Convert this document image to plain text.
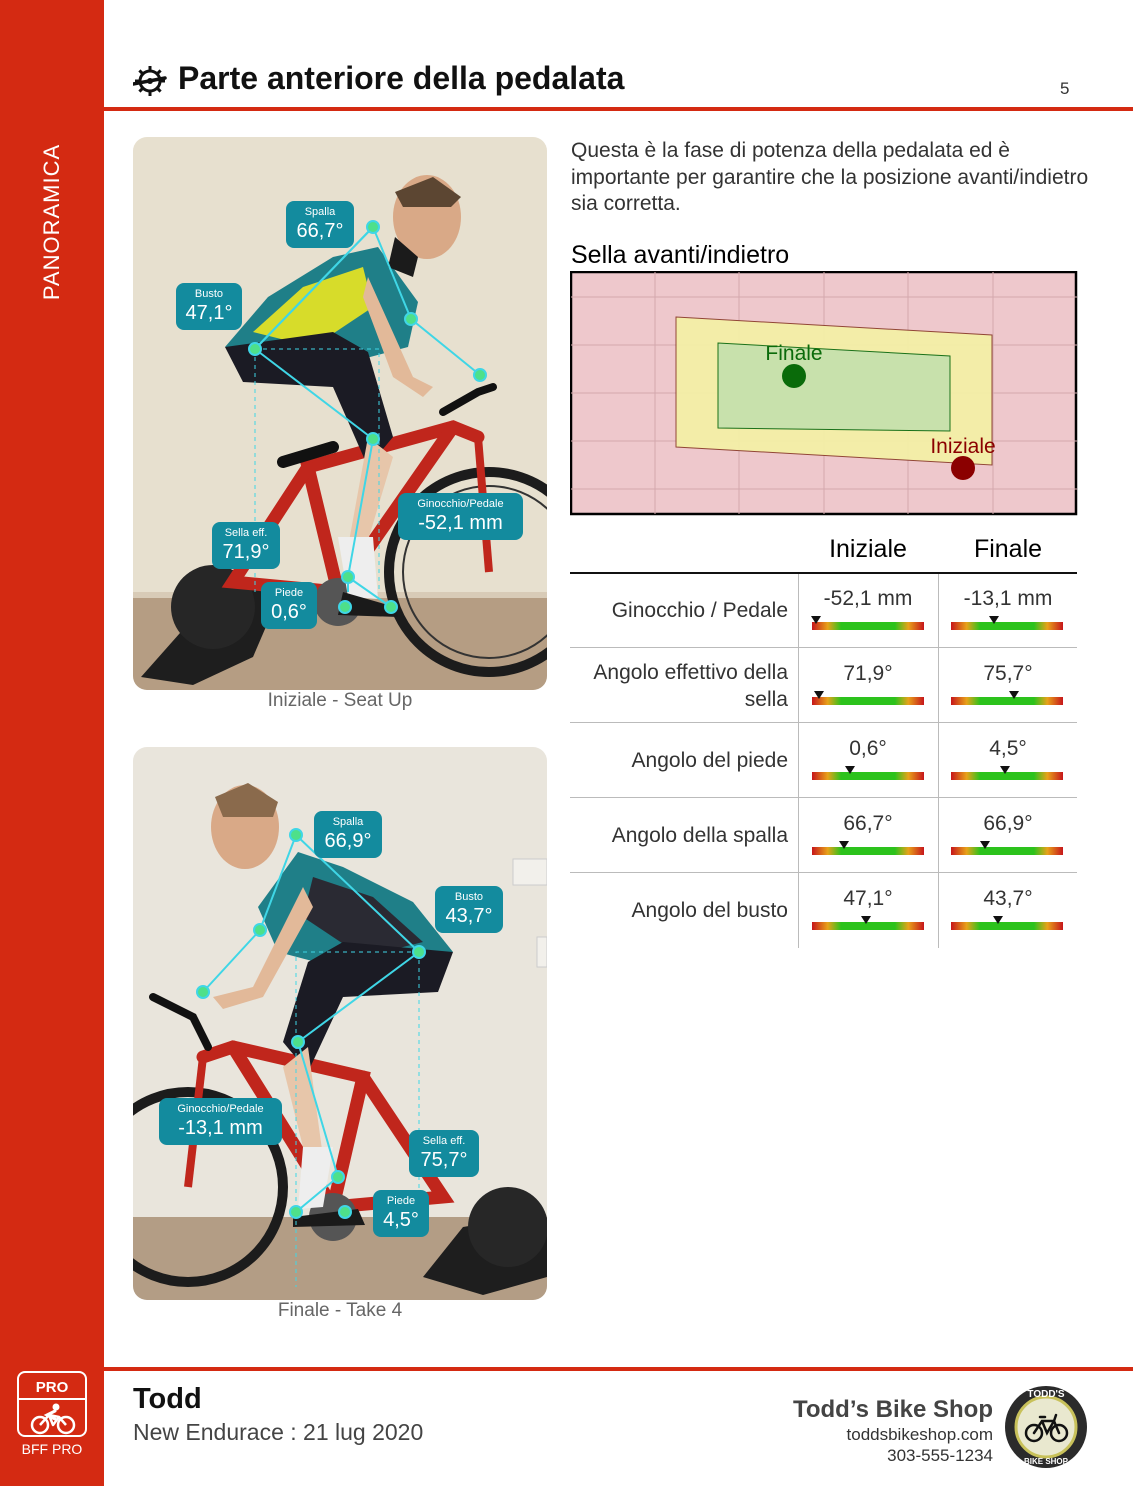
PANORAMICA
PRO
BFF PRO
Parte anteriore della pedalata	5
Spalla
66,7°
Busto
47,1°
Ginocchio/Pedale
-52,1 mm
Sella eff.
71,9°
Piede
0,6°
Iniziale - Seat Up
Spalla
66,9°
Busto
43,7°
Ginocchio/Pedale
-13,1 mm
Sella eff.
75,7°
Piede
4,5°
Finale - Take 4
Questa è la fase di potenza della pedalata ed è importante per garantire che la posizione avanti/indietro sia corretta.
Sella avanti/indietro
Finale
Iniziale
Iniziale	Finale
Ginocchio / Pedale
-52,1 mm	-13,1 mm
Angolo effettivo della sella
71,9°	75,7°
Angolo del piede
0,6°	4,5°
Angolo della spalla
66,7°	66,9°
Angolo del busto
47,1°	43,7°
Todd
New Enduracе : 21 lug 2020
Todd’s Bike Shop
toddsbikeshop.com
303-555-1234
TODD'S
BIKE SHOP
